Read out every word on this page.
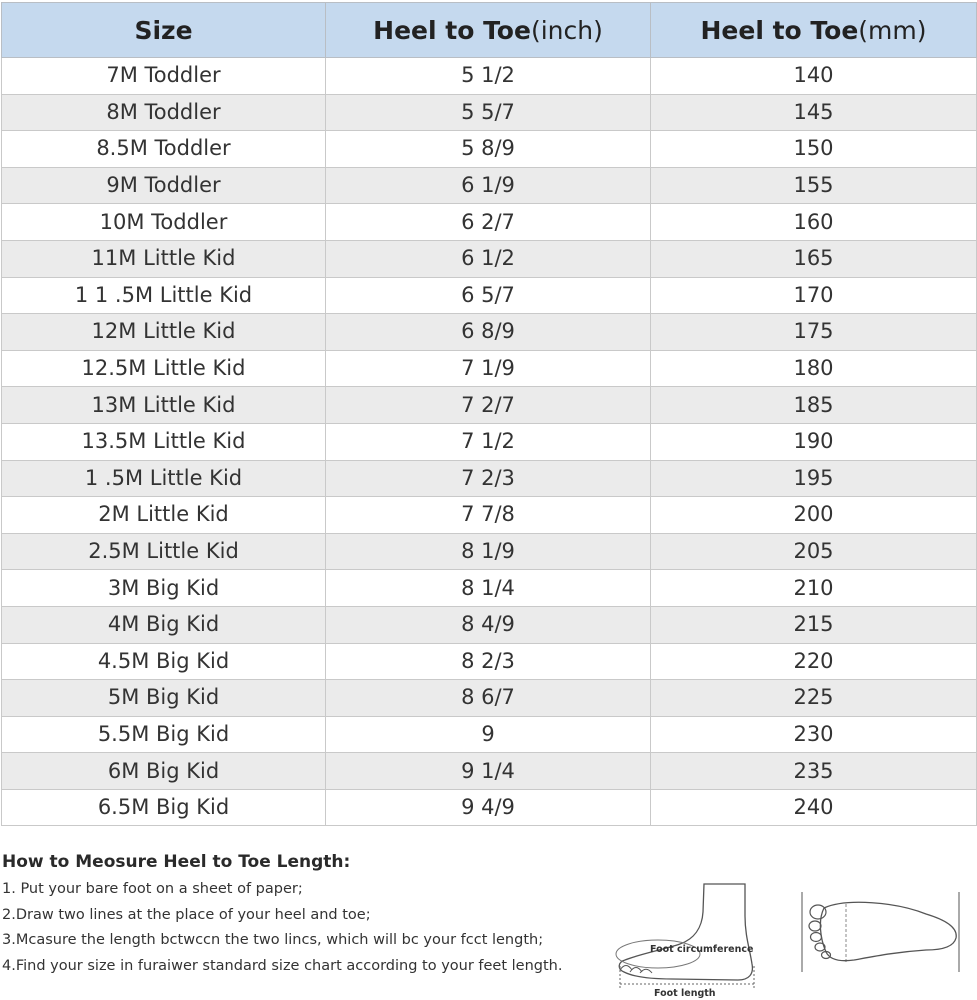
Size	Heel to Toe(inch)	Heel to Toe(mm)
7M Toddler	5 1/2	140
8M Toddler	5 5/7	145
8.5M Toddler	5 8/9	150
9M Toddler	6 1/9	155
10M Toddler	6 2/7	160
11M Little Kid	6 1/2	165
1 1 .5M Little Kid	6 5/7	170
12M Little Kid	6 8/9	175
12.5M Little Kid	7 1/9	180
13M Little Kid	7 2/7	185
13.5M Little Kid	7 1/2	190
1 .5M Little Kid	7 2/3	195
2M Little Kid	7 7/8	200
2.5M Little Kid	8 1/9	205
3M Big Kid	8 1/4	210
4M Big Kid	8 4/9	215
4.5M Big Kid	8 2/3	220
5M Big Kid	8 6/7	225
5.5M Big Kid	9	230
6M Big Kid	9 1/4	235
6.5M Big Kid	9 4/9	240
How to Meosure Heel to Toe Length:

1. Put your bare foot on a sheet of paper;

2.Draw two lines at the place of your heel and toe;

3.Mcasure the length bctwccn the two lincs, which will bc your fcct length;

4.Find your size in furaiwer standard size chart according to your feet length.

Foot circumference
Foot length
